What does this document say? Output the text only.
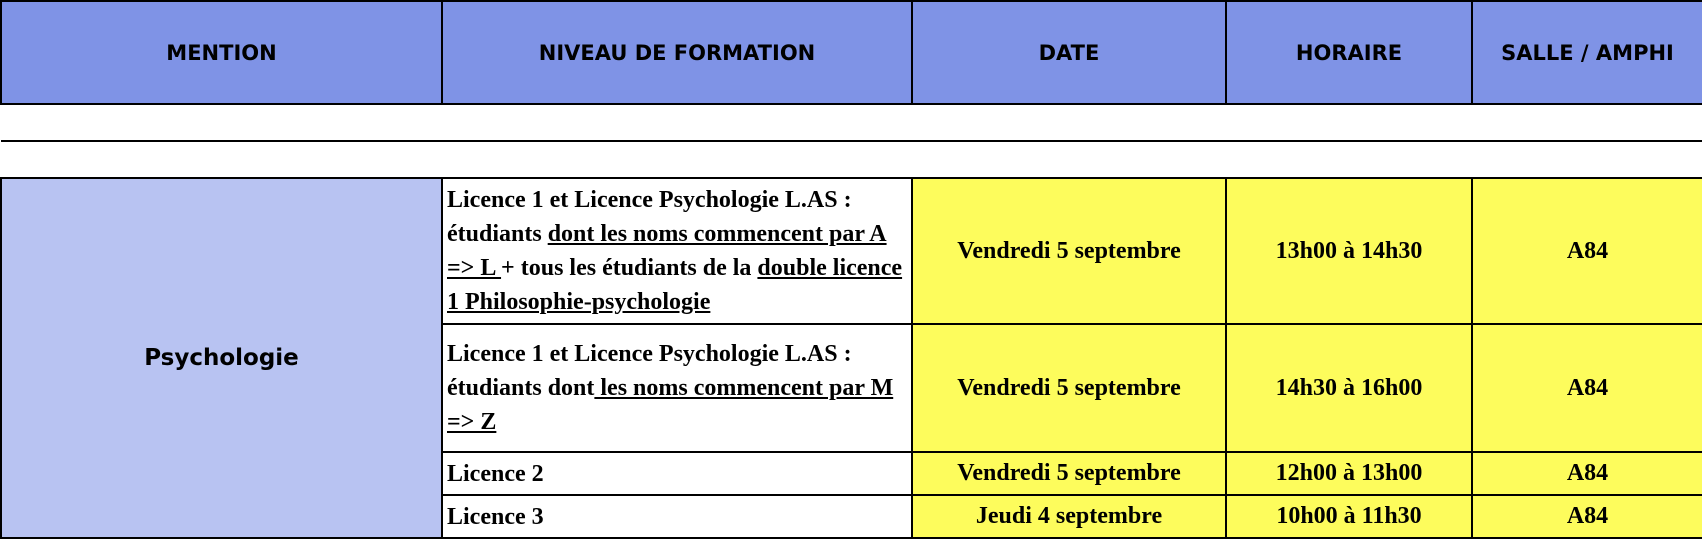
MENTION	NIVEAU DE FORMATION	DATE	HORAIRE	SALLE / AMPHI

Psychologie	Licence 1 et Licence Psychologie L.AS : étudiants dont les noms commencent par A => L + tous les étudiants de la double licence 1 Philosophie-psychologie	Vendredi 5 septembre	13h00 à 14h30	A84
	Licence 1 et Licence Psychologie L.AS : étudiants dont les noms commencent par M => Z	Vendredi 5 septembre	14h30 à 16h00	A84
	Licence 2	Vendredi 5 septembre	12h00 à 13h00	A84
	Licence 3	Jeudi 4 septembre	10h00 à 11h30	A84
